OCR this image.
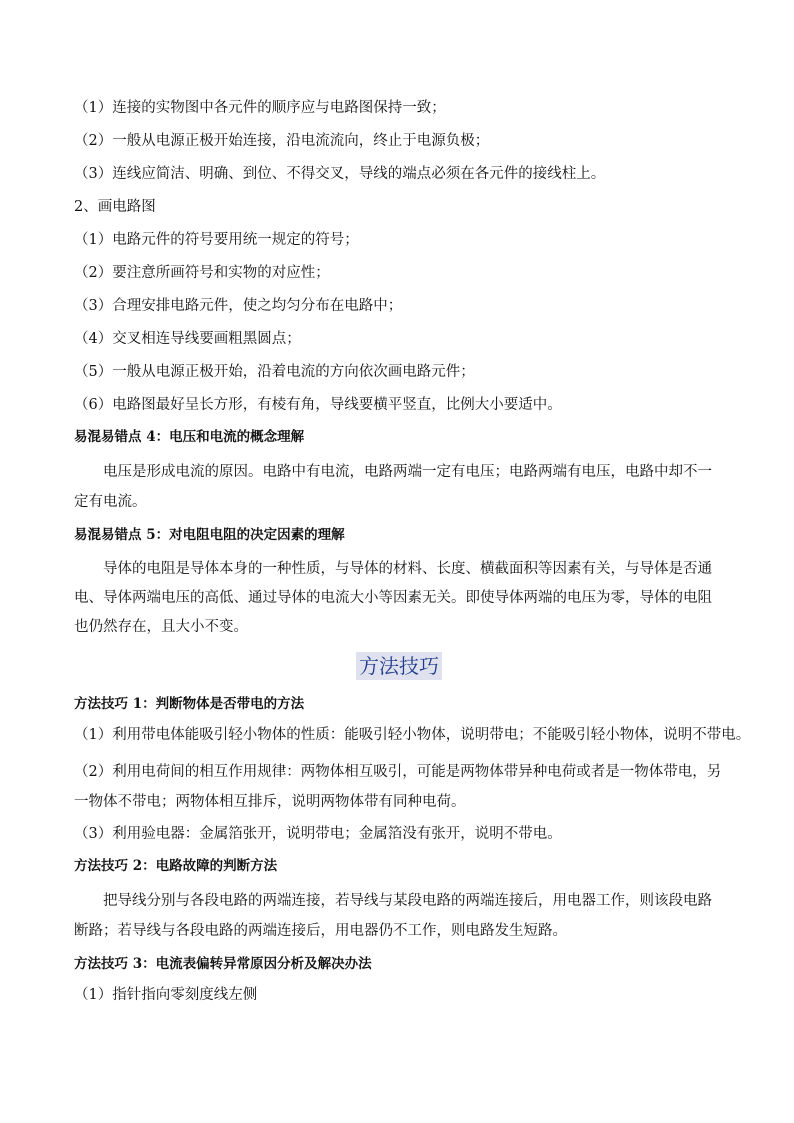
（1）连接的实物图中各元件的顺序应与电路图保持一致；

（2）一般从电源正极开始连接，沿电流流向，终止于电源负极；

（3）连线应简洁、明确、到位、不得交叉，导线的端点必须在各元件的接线柱上。

2、画电路图

（1）电路元件的符号要用统一规定的符号；

（2）要注意所画符号和实物的对应性；

（3）合理安排电路元件，使之均匀分布在电路中；

（4）交叉相连导线要画粗黑圆点；

（5）一般从电源正极开始，沿着电流的方向依次画电路元件；

（6）电路图最好呈长方形，有棱有角，导线要横平竖直，比例大小要适中。

易混易错点 4：电压和电流的概念理解

电压是形成电流的原因。电路中有电流，电路两端一定有电压；电路两端有电压，电路中却不一定有电流。

易混易错点 5：对电阻电阻的决定因素的理解

导体的电阻是导体本身的一种性质，与导体的材料、长度、横截面积等因素有关，与导体是否通电、导体两端电压的高低、通过导体的电流大小等因素无关。即使导体两端的电压为零，导体的电阻也仍然存在，且大小不变。

方法技巧

方法技巧 1：判断物体是否带电的方法

（1）利用带电体能吸引轻小物体的性质：能吸引轻小物体，说明带电；不能吸引轻小物体，说明不带电。

（2）利用电荷间的相互作用规律：两物体相互吸引，可能是两物体带异种电荷或者是一物体带电，另一物体不带电；两物体相互排斥，说明两物体带有同种电荷。

（3）利用验电器：金属箔张开，说明带电；金属箔没有张开，说明不带电。

方法技巧 2：电路故障的判断方法

把导线分别与各段电路的两端连接，若导线与某段电路的两端连接后，用电器工作，则该段电路断路；若导线与各段电路的两端连接后，用电器仍不工作，则电路发生短路。

方法技巧 3：电流表偏转异常原因分析及解决办法

（1）指针指向零刻度线左侧
